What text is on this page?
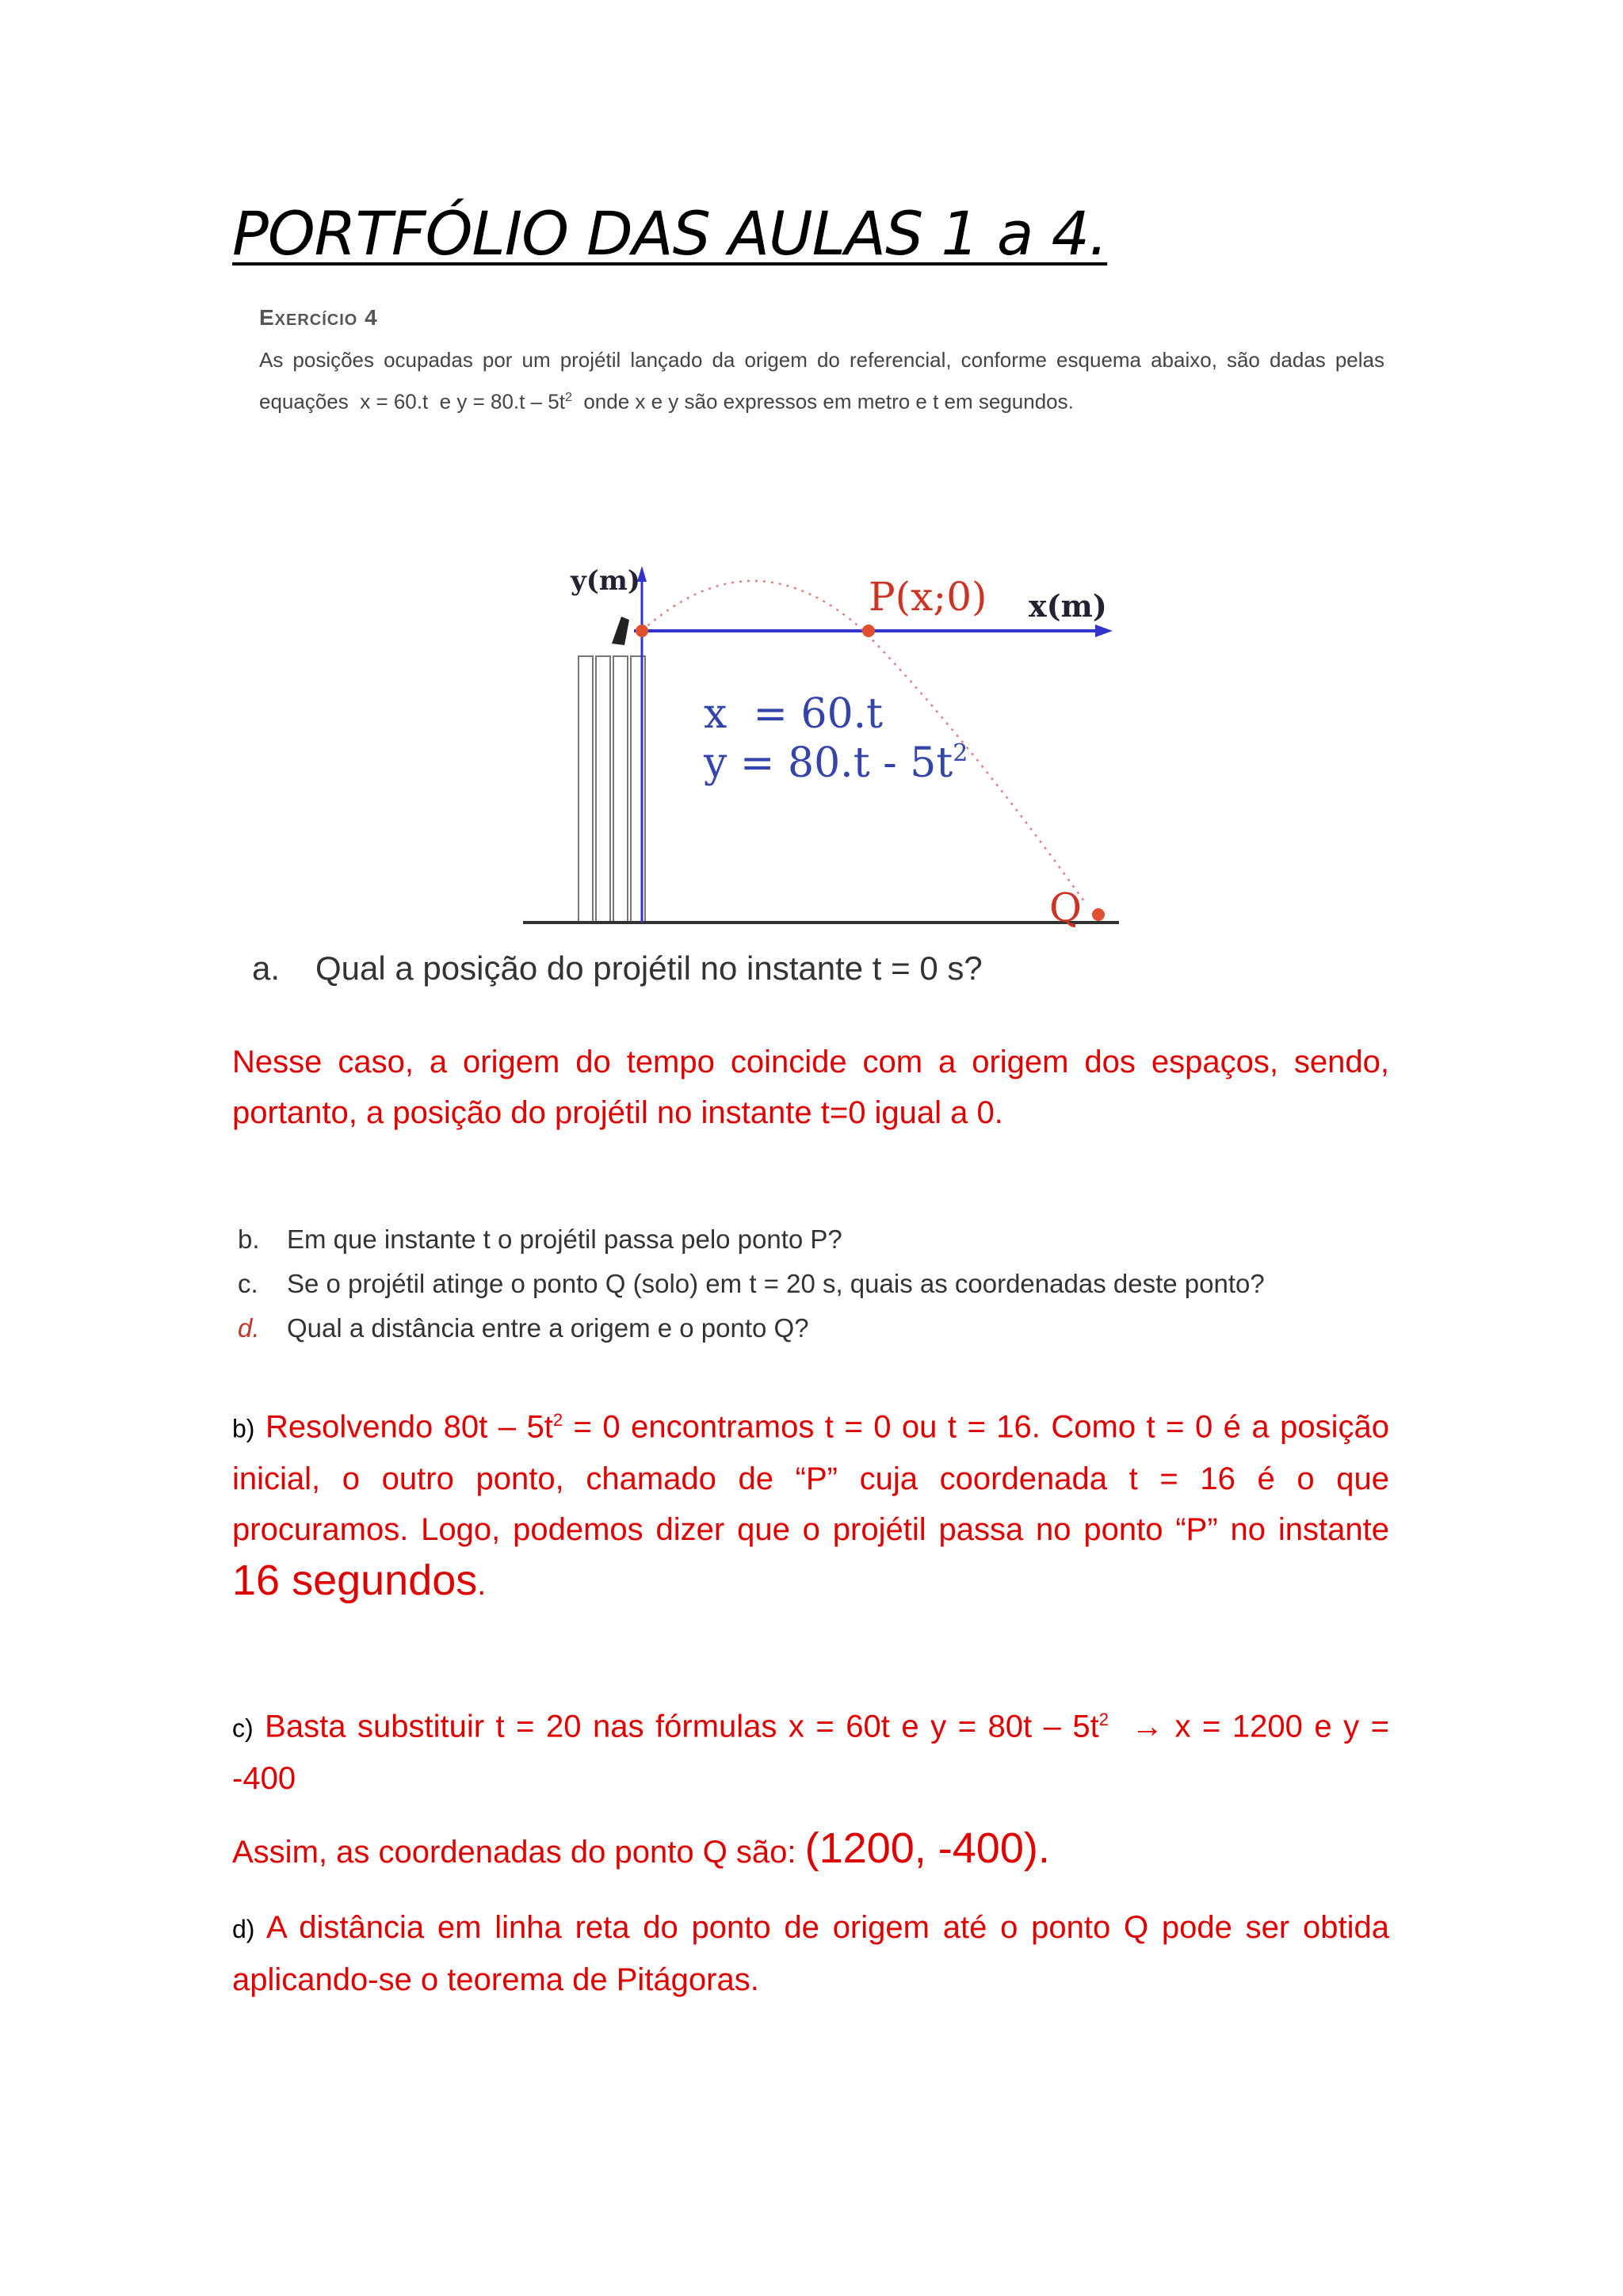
PORTFÓLIO DAS AULAS 1 a 4.
Exercício 4
As posições ocupadas por um projétil lançado da origem do referencial, conforme esquema abaixo, são dadas pelas equações x = 60.t e $y = 80.t - 5t^2$ onde x e y são expressos em metro e t em segundos.
y(m)	P(x;0) x(m)
x  = 60.t
$y = 80.t - 5t^2$
Q
a. Qual a posição do projétil no instante t = 0 s?
Nesse caso, a origem do tempo coincide com a origem dos espaços, sendo, portanto, a posição do projétil no instante t=0 igual a 0.
b. Em que instante t o projétil passa pelo ponto P?
c. Se o projétil atinge o ponto Q (solo) em t = 20 s, quais as coordenadas deste ponto?
d. Qual a distância entre a origem e o ponto Q?
b) Resolvendo $80t - 5t^2 = 0$ encontramos t = 0 ou t = 16. Como t = 0 é a posição inicial, o outro ponto, chamado de “P” cuja coordenada t = 16 é o que procuramos. Logo, podemos dizer que o projétil passa no ponto “P” no instante 16 segundos.
c) Basta substituir t = 20 nas fórmulas x = 60t e $y = 80t - 5t^2 \to x = 1200$ e y = -400
Assim, as coordenadas do ponto Q são: (1200, -400).
d) A distância em linha reta do ponto de origem até o ponto Q pode ser obtida aplicando-se o teorema de Pitágoras.
